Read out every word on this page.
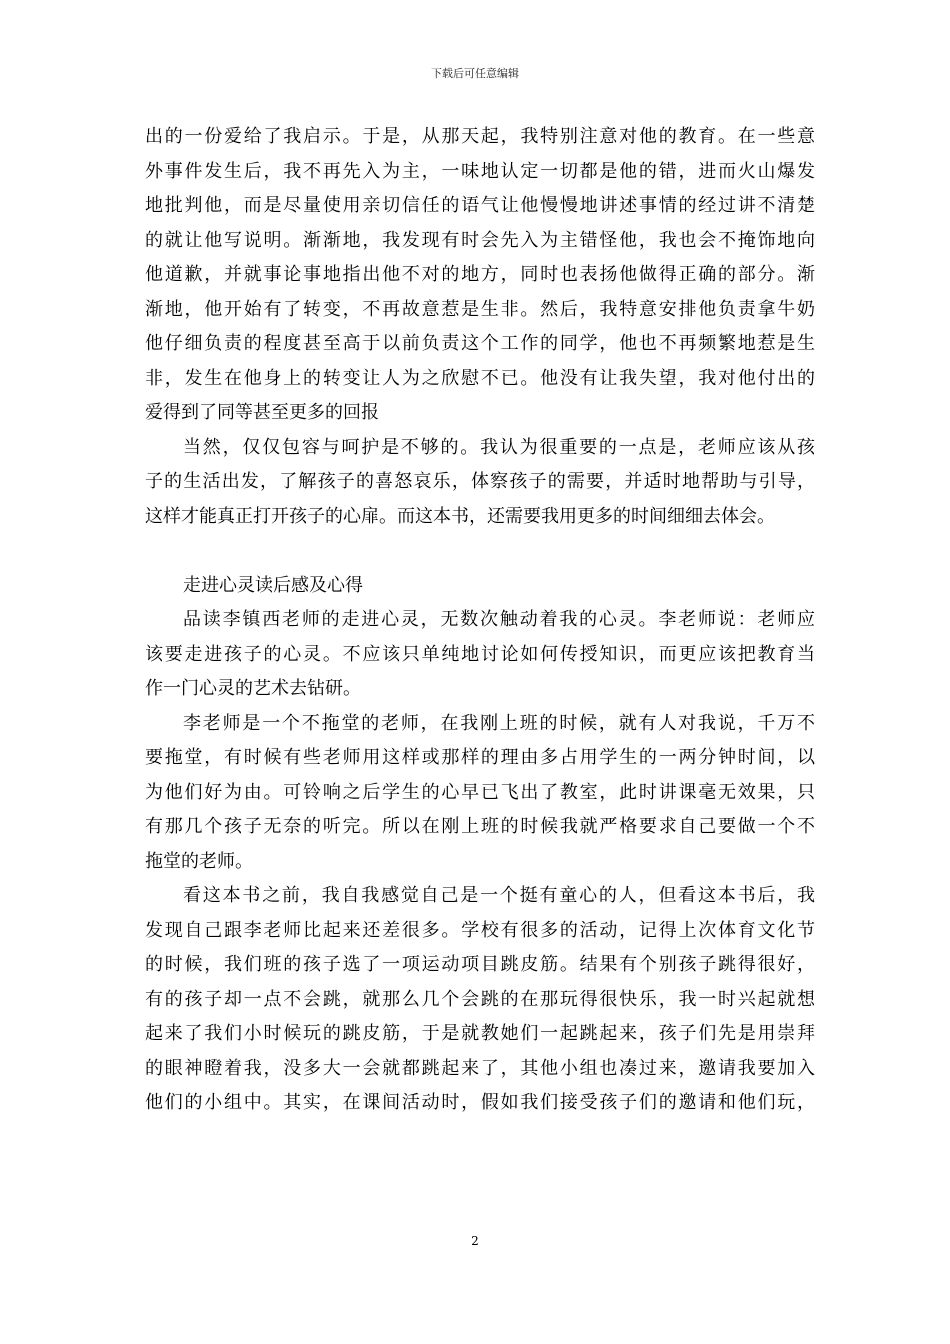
下载后可任意编辑
出的一份爱给了我启示。于是，从那天起，我特别注意对他的教育。在一些意
外事件发生后，我不再先入为主，一味地认定一切都是他的错，进而火山爆发
地批判他，而是尽量使用亲切信任的语气让他慢慢地讲述事情的经过讲不清楚
的就让他写说明。渐渐地，我发现有时会先入为主错怪他，我也会不掩饰地向
他道歉，并就事论事地指出他不对的地方，同时也表扬他做得正确的部分。渐
渐地，他开始有了转变，不再故意惹是生非。然后，我特意安排他负责拿牛奶
他仔细负责的程度甚至高于以前负责这个工作的同学，他也不再频繁地惹是生
非，发生在他身上的转变让人为之欣慰不已。他没有让我失望，我对他付出的
爱得到了同等甚至更多的回报
当然，仅仅包容与呵护是不够的。我认为很重要的一点是，老师应该从孩
子的生活出发，了解孩子的喜怒哀乐，体察孩子的需要，并适时地帮助与引导，
这样才能真正打开孩子的心扉。而这本书，还需要我用更多的时间细细去体会。
走进心灵读后感及心得
品读李镇西老师的走进心灵，无数次触动着我的心灵。李老师说：老师应
该要走进孩子的心灵。不应该只单纯地讨论如何传授知识，而更应该把教育当
作一门心灵的艺术去钻研。
李老师是一个不拖堂的老师，在我刚上班的时候，就有人对我说，千万不
要拖堂，有时候有些老师用这样或那样的理由多占用学生的一两分钟时间，以
为他们好为由。可铃响之后学生的心早已飞出了教室，此时讲课毫无效果，只
有那几个孩子无奈的听完。所以在刚上班的时候我就严格要求自己要做一个不
拖堂的老师。
看这本书之前，我自我感觉自己是一个挺有童心的人，但看这本书后，我
发现自己跟李老师比起来还差很多。学校有很多的活动，记得上次体育文化节
的时候，我们班的孩子选了一项运动项目跳皮筋。结果有个别孩子跳得很好，
有的孩子却一点不会跳，就那么几个会跳的在那玩得很快乐，我一时兴起就想
起来了我们小时候玩的跳皮筋，于是就教她们一起跳起来，孩子们先是用崇拜
的眼神瞪着我，没多大一会就都跳起来了，其他小组也凑过来，邀请我要加入
他们的小组中。其实，在课间活动时，假如我们接受孩子们的邀请和他们玩，
2
